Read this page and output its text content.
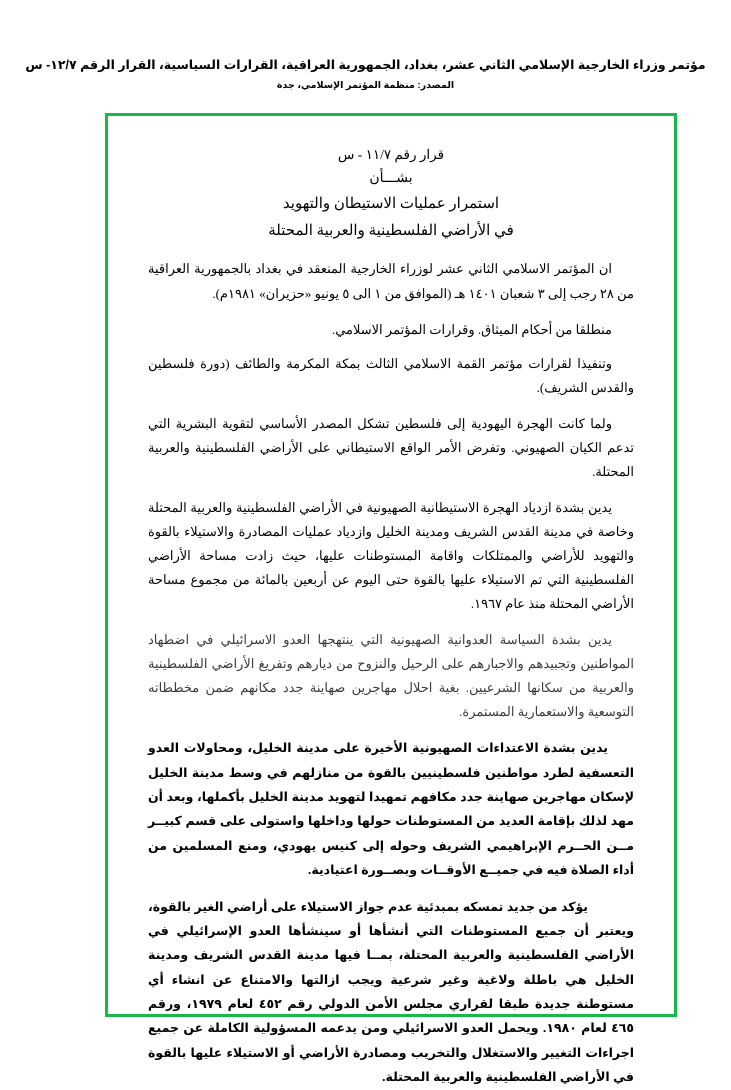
مؤتمر وزراء الخارجية الإسلامي الثاني عشر، بغداد، الجمهورية العراقية، القرارات السياسية، القرار الرقم ١٢/٧- س
المصدر: منظمة المؤتمر الإسلامي، جدة
قرار رقم ١١/٧ - س
بشـــأن
استمرار عمليات الاستيطان والتهويد
في الأراضي الفلسطينية والعربية المحتلة

ان المؤتمر الاسلامي الثاني عشر لوزراء الخارجية المنعقد في بغداد بالجمهورية العراقية من ٢٨ رجب إلى ٣ شعبان ١٤٠١ هـ (الموافق من ١ الى ٥ يونيو «حزيران» ١٩٨١م).

منطلقا من أحكام الميثاق. وقرارات المؤتمر الاسلامي.

وتنفيذا لقرارات مؤتمر القمة الاسلامي الثالث بمكة المكرمة والطائف (دورة فلسطين والقدس الشريف).

ولما كانت الهجرة اليهودية إلى فلسطين تشكل المصدر الأساسي لتقوية البشرية التي تدعم الكيان الصهيوني. وتفرض الأمر الواقع الاستيطاني على الأراضي الفلسطينية والعربية المحتلة.

يدين بشدة ازدياد الهجرة الاستيطانية الصهيونية في الأراضي الفلسطينية والعربية المحتلة وخاصة في مدينة القدس الشريف ومدينة الخليل وازدياد عمليات المصادرة والاستيلاء بالقوة والتهويد للأراضي والممتلكات واقامة المستوطنات عليها، حيث زادت مساحة الأراضي الفلسطينية التي تم الاستيلاء عليها بالقوة حتى اليوم عن أربعين بالمائة من مجموع مساحة الأراضي المحتلة منذ عام ١٩٦٧.

يدين بشدة السياسة العدوانية الصهيونية التي ينتهجها العدو الاسرائيلي في اضطهاد المواطنين وتجبيدهم والاجبارهم على الرحيل والنزوح من ديارهم وتفريغ الأراضي الفلسطينية والعربية من سكانها الشرعيين. بغية احلال مهاجرين صهاينة جدد مكانهم ضمن مخططاته التوسعية والاستعمارية المستمرة.

يدين بشدة الاعتداءات الصهيونية الأخيرة على مدينة الخليل، ومحاولات العدو التعسفية لطرد مواطنين فلسطينيين بالقوة من منازلهم في وسط مدينة الخليل لإسكان مهاجرين صهاينة جدد مكافهم تمهيدا لتهويد مدينة الخليل بأكملها، وبعد أن مهد لذلك بإقامة العديد من المستوطنات حولها وداخلها واستولى على قسم كبيــر مــن الحــرم الإبراهيمي الشريف وحوله إلى كنيس يهودي، ومنع المسلمين من أداء الصلاة فيه في جميــع الأوقــات وبصــورة اعتيادية.

يؤكد من جديد تمسكه بمبدئية عدم جواز الاستيلاء على أراضي الغير بالقوة، ويعتبر أن جميع المستوطنات التي أنشأها أو سينشأها العدو الإسرائيلي في الأراضي الفلسطينية والعربية المحتلة، بمــا فيها مدينة القدس الشريف ومدينة الخليل هي باطلة ولاغية وغير شرعية ويجب ازالتها والامتناع عن انشاء أي مستوطنة جديدة طبقا لقراري مجلس الأمن الدولي رقم ٤٥٢ لعام ١٩٧٩، ورقم ٤٦٥ لعام ١٩٨٠. ويحمل العدو الاسرائيلي ومن يدعمه المسؤولية الكاملة عن جميع اجراءات التغيير والاستغلال والتخريب ومصادرة الأراضي أو الاستيلاء عليها بالقوة في الأراضي الفلسطينية والعربية المحتلة.
